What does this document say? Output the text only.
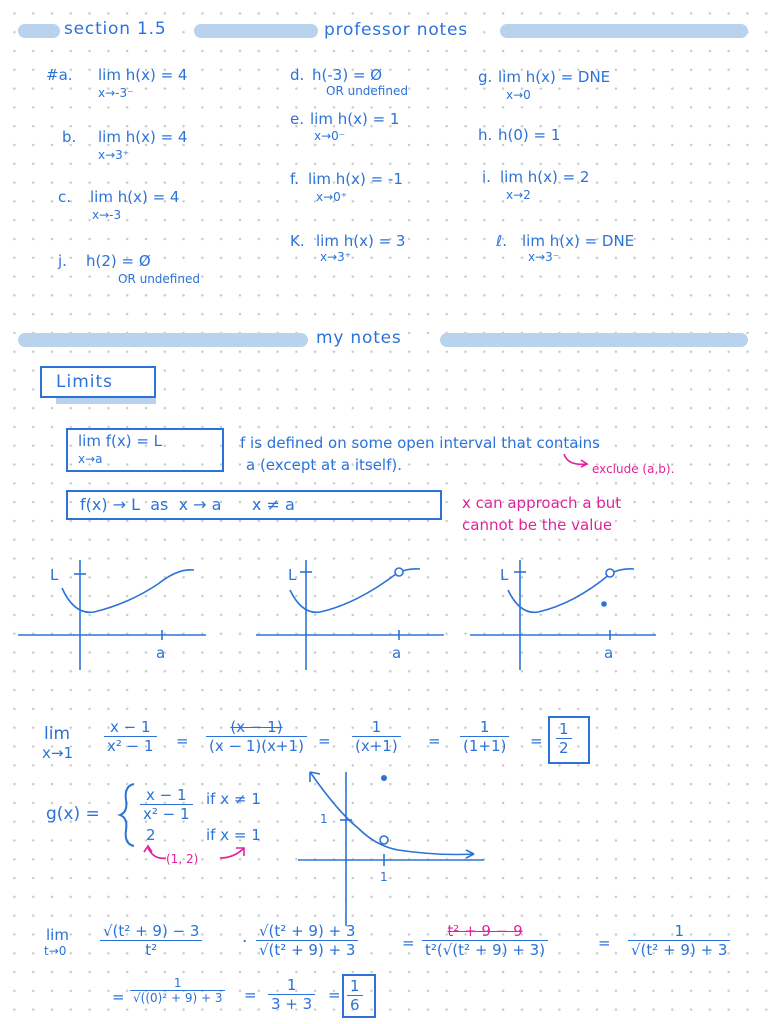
section 1.5	professor notes
#a. lim h(x) = 4
x→-3⁻
b. lim h(x) = 4
x→3⁺
c. lim h(x) = 4
x→-3
j. h(2) = Ø
OR undefined
d. h(-3) = Ø
OR undefined
e. lim h(x) = 1
x→0⁻
f. lim h(x) = -1
x→0⁺
K. lim h(x) = 3
x→3⁺
g. lim h(x) = DNE
x→0
h. h(0) = 1
i. lim h(x) = 2
x→2
ℓ. lim h(x) = DNE
x→3⁻
my notes
Limits
lim f(x) = L
x→a
f is defined on some open interval that contains
a (except at a itself).	exclude (a,b).
f(x) → L  as  x → a      x ≠ a	x can approach a but
cannot be the value
L
a
L
a
L
a
lim
$x\to 1 \frac{x - 1}{\text{x² − 1}} = \frac{(x - 1)}{(x - 1)(x+1)} = \frac{1}{(x+1)} = \frac{1}{(1+1)} = \frac{1}{2}$
g(x) =	$\frac{x - 1}{\text{x² − 1}}$ if x ≠ 1
2	if x = 1
(1, 2)
1
1
lim
$t\to 0 \frac{\text{√(t² + 9) − 3}}{\text{t²}} \cdot \frac{\text{√(t² + 9) + 3}}{\text{√(t² + 9) + 3}}$	= $\frac{\text{t² + 9 − 9}}{\text{t²(√(t² + 9) + 3)}}$	= $\frac{1}{\text{√(t² + 9) + 3}}$
= $\frac{1}{\text{√((0)² + 9) + 3}} = \frac{1}{3 + 3} = \frac{1}{6}$
